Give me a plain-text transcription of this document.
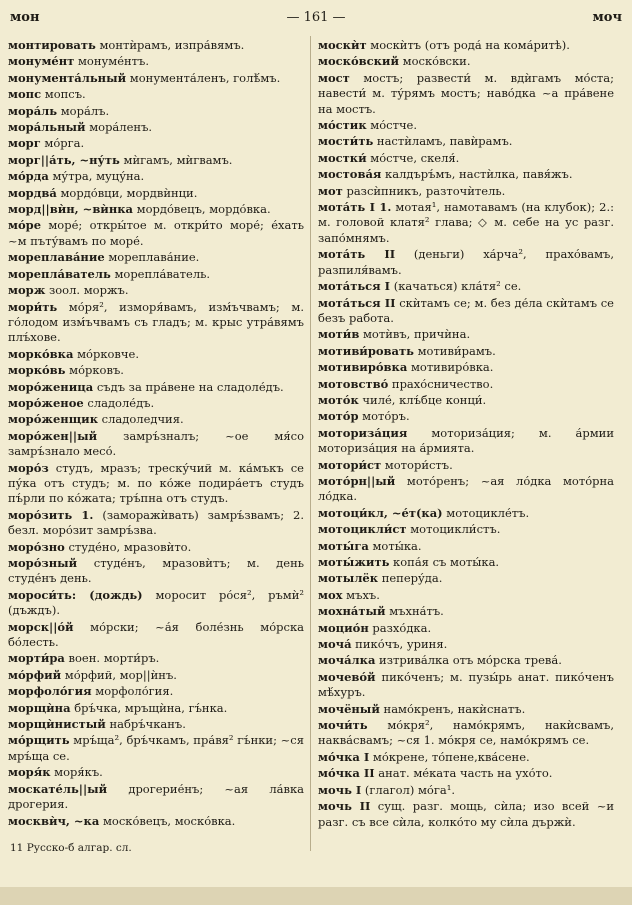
мон	— 161 —	моч
монтировать монтѝрамъ, изпра́вямъ.
монуме́нт монуме́нтъ.
монумента́льный монумента́ленъ, голѣ́мъ.
мопс мопсъ.
мора́ль мора́лъ.
мора́льный мора́ленъ.
морг мо́рга.
морг||а́ть, ~ну́ть мѝгамъ, мѝгвамъ.
мо́рда му́тра, муцу́на.
мордва́ мордо́вци, мордвѝнци.
морд||вѝн, ~вѝнка мордо́вецъ, мордо́вка.
мо́ре море́; откры́тое м. откри́то море́; е́хать ~м пъту́вамъ по море́.
мореплава́ние мореплава́ние.
морепла́ватель морепла́ватель.
морж зоол. моржъ.
мори́ть мо́ря², изморя́вамъ, изм́ъчвамъ; м. го́лодом изм́ъчвамъ съ гладъ; м. крыс утра́вямъ плъ́хове.
морко́вка мо́рковче.
морко́вь мо́рковъ.
моро́женица съдъ за пра́вене на сладоле́дъ.
моро́женое сладоле́дъ.
моро́женщик сладоледчия.
моро́жен||ый замръ́зналъ; ~ое мя́со замръ́знало месо́.
моро́з студъ, мразъ; треску́чий м. ка́мъкъ се пу́ка отъ студъ; м. по ко́же подира́етъ студъ пъ́рли по ко́жата; тръ́пна отъ студъ.
моро́зить 1. (заморажѝвать) замръ́звамъ; 2. безл. моро́зит замръ́зва.
моро́зно студе́но, мразовѝто.
моро́зный студе́нъ, мразовѝтъ; м. день студе́нъ день.
мороси́ть: (дождь) моросит ро́ся², ръмѝ² (дъждъ).
морск||о́й мо́рски; ~а́я боле́знь мо́рска бо́лесть.
морти́ра воен. морти́ръ.
мо́рфий мо́рфий, мор||ѝнъ.
морфоло́гия морфоло́гия.
морщѝна бръ́чка, мръщѝна, гъ́нка.
морщѝнистый набръ́чканъ.
мо́рщить мръ́ща², бръ́чкамъ, пра́вя² гъ́нки; ~ся мръ́ща се.
моря́к моря́къ.
москате́ль||ый дрогерие́нъ; ~ая ла́вка дрогерия.
москвѝч, ~ка моско́вецъ, моско́вка.
москѝт москѝтъ (отъ рода́ на кома́ритѣ).
моско́вский моско́вски.
мост мостъ; развести́ м. вдѝгамъ мо́ста; навести́ м. ту́рямъ мостъ; наво́дка ~а пра́вене на мостъ.
мо́стик мо́стче.
мости́ть настѝламъ, павѝрамъ.
мостки́ мо́стче, скеля́.
мостова́я калдъръ́мъ, настѝлка, павя́жъ.
мот разсѝпникъ, разточѝтель.
мота́ть I 1. мотая¹, намотавамъ (на клубок); 2.: м. головой клатя² глава; ◇ м. себе на ус разг. запо́мнямъ.
мота́ть II (деньги) ха́рча², прахо́вамъ, разпиля́вамъ.
мота́ться I (качаться) кла́тя² се.
мота́ться II скѝтамъ се; м. без де́ла скѝтамъ се безъ работа.
моти́в мотѝвъ, причѝна.
мотиви́ровать мотиви́рамъ.
мотивиро́вка мотивиро́вка.
мотовство́ прахо́сничество.
мото́к чиле́, клъ́бце конци́.
мото́р мото́ръ.
моториза́ция моториза́ция; м. а́рмии моториза́ция на а́рмията.
мотори́ст мотори́стъ.
мото́рн||ый мото́ренъ; ~ая ло́дка мото́рна ло́дка.
мотоци́кл, ~е́т(ка) мотоцикле́тъ.
мотоцикли́ст мотоцикли́стъ.
моты́га моты́ка.
моты́жить копа́я съ моты́ка.
мотылёк пеперу́да.
мох мъхъ.
мохна́тый мъхна́тъ.
моцио́н разхо́дка.
моча́ пико́чъ, уриня.
моча́лка изтрива́лка отъ мо́рска трева́.
мочево́й пико́ченъ; м. пузы́рь анат. пико́ченъ мѣ́хуръ.
мочёный намо́кренъ, накѝснатъ.
мочи́ть мо́кря², намо́крямъ, накѝсвамъ, наква́свамъ; ~ся 1. мо́кря се, намо́крямъ се.
мо́чка I мо́крене, то́пене,ква́сене.
мо́чка II анат. ме́ката часть на ухо́то.
мочь I (глагол) мо́га¹.
мочь II сущ. разг. мощь, сѝла; изо всей ~и разг. съ все сѝла, колко́то му сѝла държѝ.
11 Русско-б алгар. сл.
